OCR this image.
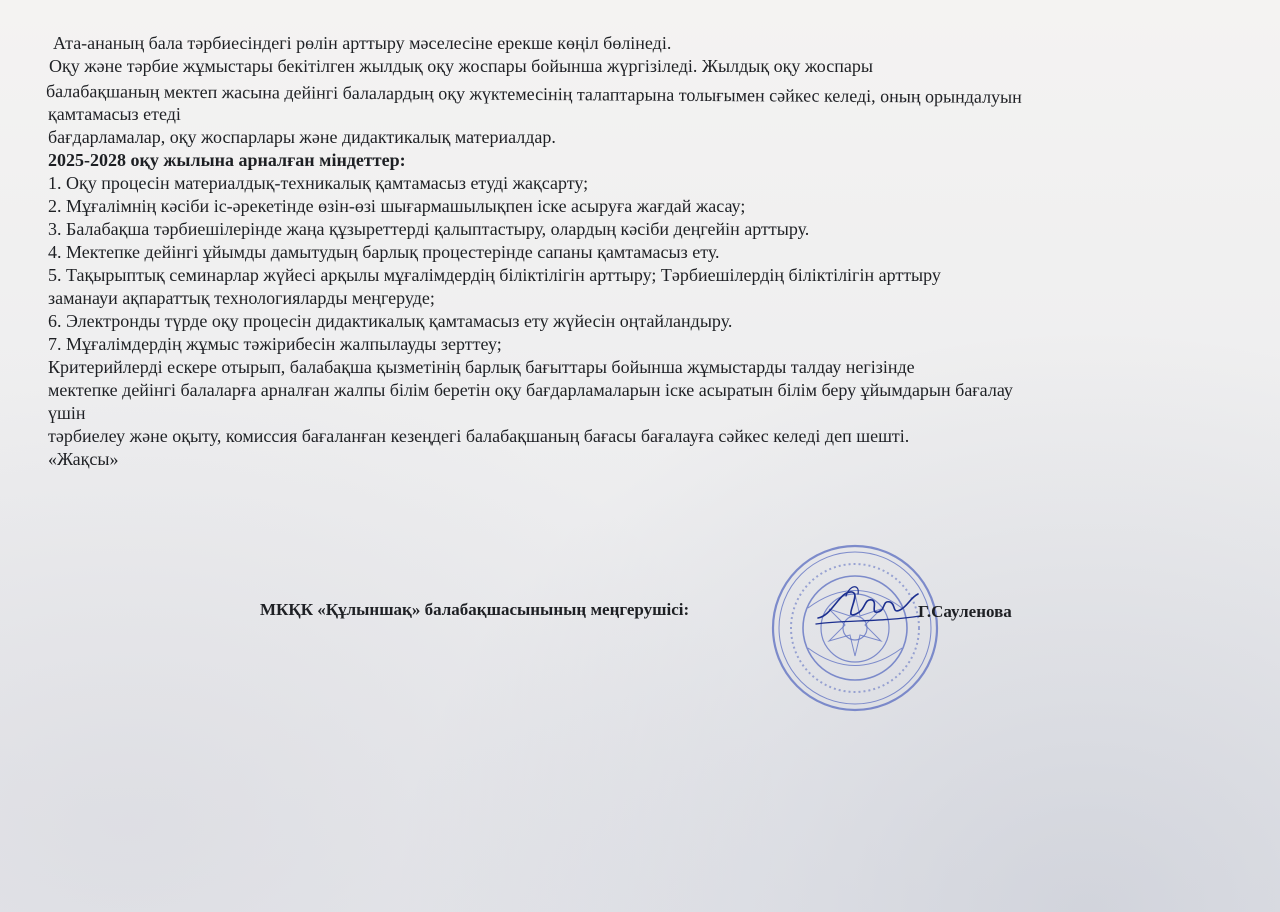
Ата-ананың бала тәрбиесіндегі рөлін арттыру мәселесіне ерекше көңіл бөлінеді.
Оқу және тәрбие жұмыстары бекітілген жылдық оқу жоспары бойынша жүргізіледі. Жылдық оқу жоспары
балабақшаның мектеп жасына дейінгі балалардың оқу жүктемесінің талаптарына толығымен сәйкес келеді, оның орындалуын
қамтамасыз етеді
бағдарламалар, оқу жоспарлары және дидактикалық материалдар.
2025-2028 оқу жылына арналған міндеттер:
1. Оқу процесін материалдық-техникалық қамтамасыз етуді жақсарту;
2. Мұғалімнің кәсіби іс-әрекетінде өзін-өзі шығармашылықпен іске асыруға жағдай жасау;
3. Балабақша тәрбиешілерінде жаңа құзыреттерді қалыптастыру, олардың кәсіби деңгейін арттыру.
4. Мектепке дейінгі ұйымды дамытудың барлық процестерінде сапаны қамтамасыз ету.
5. Тақырыптық семинарлар жүйесі арқылы мұғалімдердің біліктілігін арттыру; Тәрбиешілердің біліктілігін арттыру
заманауи ақпараттық технологияларды меңгеруде;
6. Электронды түрде оқу процесін дидактикалық қамтамасыз ету жүйесін оңтайландыру.
7. Мұғалімдердің жұмыс тәжірибесін жалпылауды зерттеу;
Критерийлерді ескере отырып, балабақша қызметінің барлық бағыттары бойынша жұмыстарды талдау негізінде
мектепке дейінгі балаларға арналған жалпы білім беретін оқу бағдарламаларын іске асыратын білім беру ұйымдарын бағалау
үшін
тәрбиелеу және оқыту, комиссия бағаланған кезеңдегі балабақшаның бағасы бағалауға сәйкес келеді деп шешті.
«Жақсы»
МКҚК «Құлыншақ» балабақшасынының меңгерушісі:	Г.Сауленова
